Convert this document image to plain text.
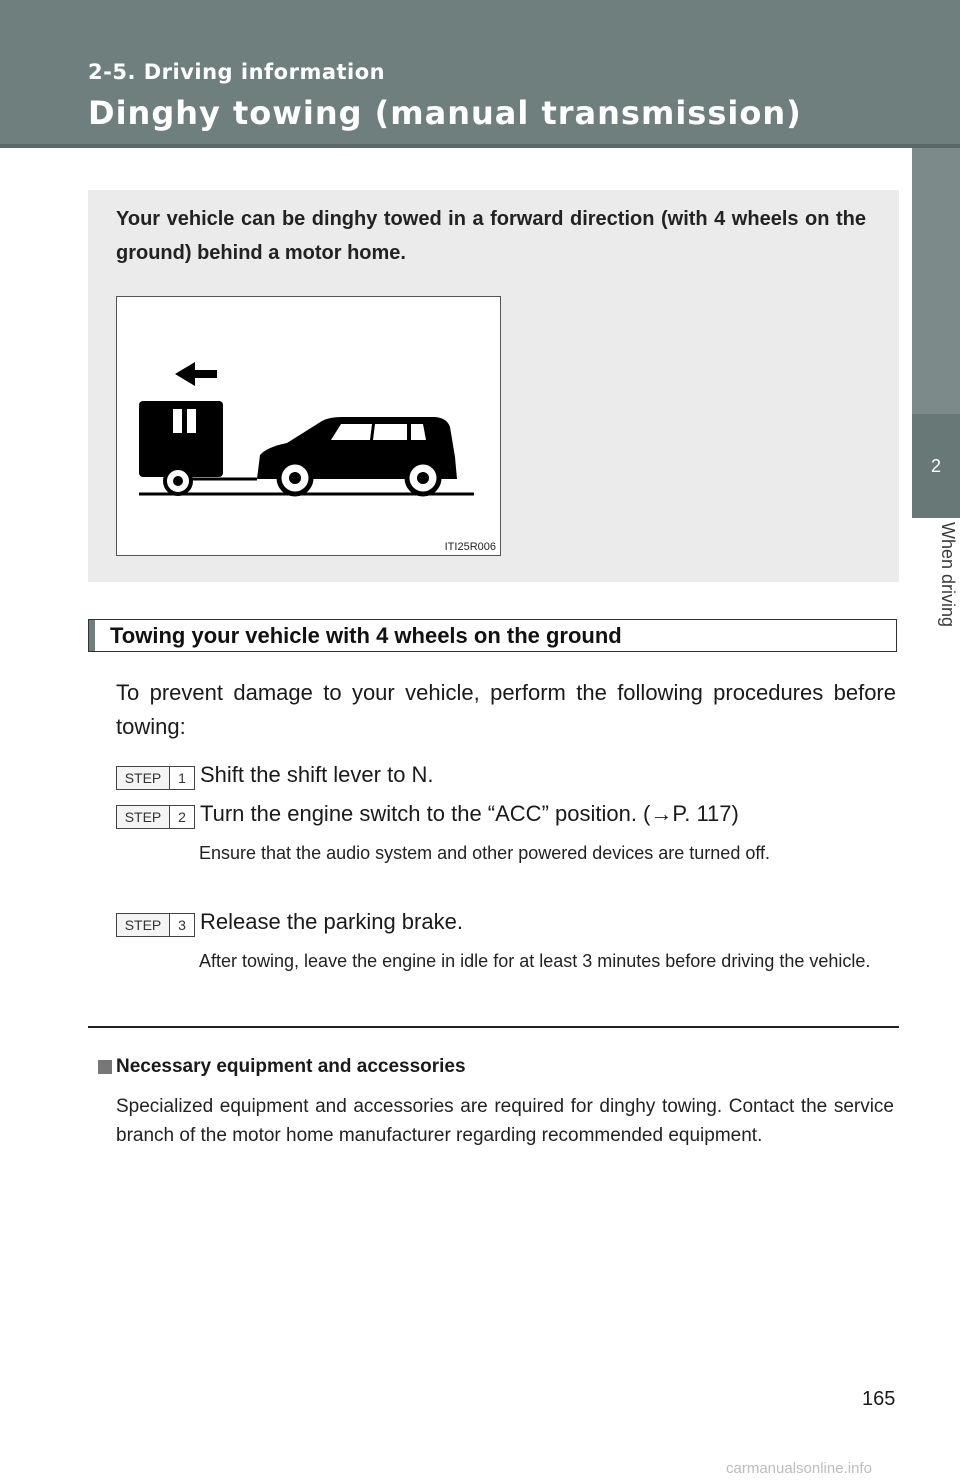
2-5. Driving information
Dinghy towing (manual transmission)
2
When driving
Your vehicle can be dinghy towed in a forward direction (with 4 wheels on the ground) behind a motor home.
ITI25R006
Towing your vehicle with 4 wheels on the ground
To prevent damage to your vehicle, perform the following procedures before towing:
STEP	1 Shift the shift lever to N.
STEP	2 Turn the engine switch to the “ACC” position. (→P. 117)
Ensure that the audio system and other powered devices are turned off.
STEP	3 Release the parking brake.
After towing, leave the engine in idle for at least 3 minutes before driving the vehicle.
Necessary equipment and accessories
Specialized equipment and accessories are required for dinghy towing. Contact the service branch of the motor home manufacturer regarding recommended equipment.
165
carmanualsonline.info
